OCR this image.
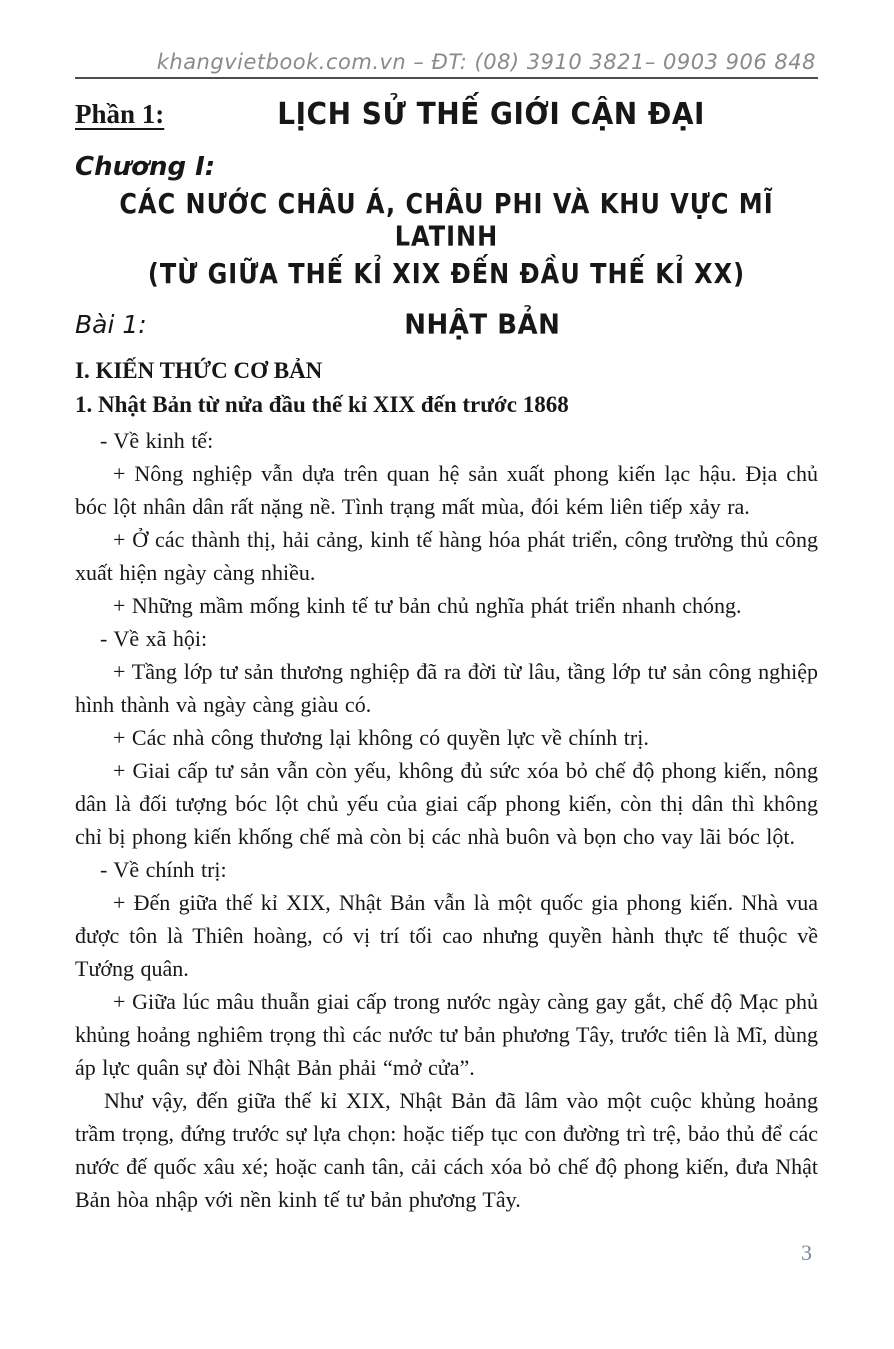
khangvietbook.com.vn – ĐT: (08) 3910 3821– 0903 906 848
Phần 1:	LỊCH SỬ THẾ GIỚI CẬN ĐẠI
Chương I:
CÁC NƯỚC CHÂU Á, CHÂU PHI VÀ KHU VỰC MĨ LATINH
(TỪ GIỮA THẾ KỈ XIX ĐẾN ĐẦU THẾ KỈ XX)
Bài 1:	NHẬT BẢN
I. KIẾN THỨC CƠ BẢN
1. Nhật Bản từ nửa đầu thế kỉ XIX đến trước 1868

- Về kinh tế:

+ Nông nghiệp vẫn dựa trên quan hệ sản xuất phong kiến lạc hậu. Địa chủ bóc lột nhân dân rất nặng nề. Tình trạng mất mùa, đói kém liên tiếp xảy ra.

+ Ở các thành thị, hải cảng, kinh tế hàng hóa phát triển, công trường thủ công xuất hiện ngày càng nhiều.

+ Những mầm mống kinh tế tư bản chủ nghĩa phát triển nhanh chóng.

- Về xã hội:

+ Tầng lớp tư sản thương nghiệp đã ra đời từ lâu, tầng lớp tư sản công nghiệp hình thành và ngày càng giàu có.

+ Các nhà công thương lại không có quyền lực về chính trị.

+ Giai cấp tư sản vẫn còn yếu, không đủ sức xóa bỏ chế độ phong kiến, nông dân là đối tượng bóc lột chủ yếu của giai cấp phong kiến, còn thị dân thì không chỉ bị phong kiến khống chế mà còn bị các nhà buôn và bọn cho vay lãi bóc lột.

- Về chính trị:

+ Đến giữa thế kỉ XIX, Nhật Bản vẫn là một quốc gia phong kiến. Nhà vua được tôn là Thiên hoàng, có vị trí tối cao nhưng quyền hành thực tế thuộc về Tướng quân.

+ Giữa lúc mâu thuẫn giai cấp trong nước ngày càng gay gắt, chế độ Mạc phủ khủng hoảng nghiêm trọng thì các nước tư bản phương Tây, trước tiên là Mĩ, dùng áp lực quân sự đòi Nhật Bản phải “mở cửa”.

Như vậy, đến giữa thế kỉ XIX, Nhật Bản đã lâm vào một cuộc khủng hoảng trầm trọng, đứng trước sự lựa chọn: hoặc tiếp tục con đường trì trệ, bảo thủ để các nước đế quốc xâu xé; hoặc canh tân, cải cách xóa bỏ chế độ phong kiến, đưa Nhật Bản hòa nhập với nền kinh tế tư bản phương Tây.

3
